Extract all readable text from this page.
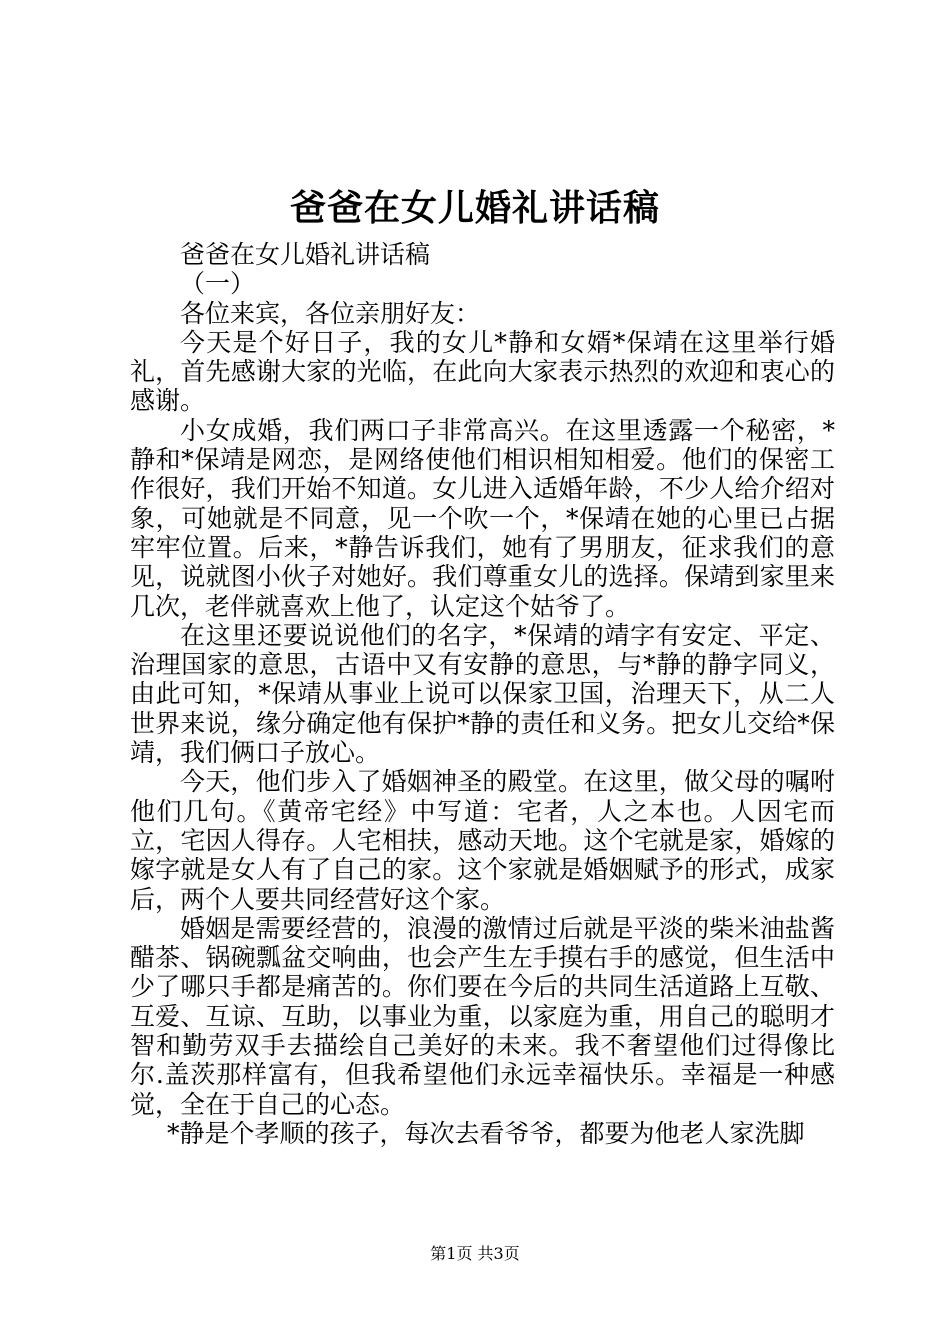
爸爸在女儿婚礼讲话稿

爸爸在女儿婚礼讲话稿

（一）

各位来宾，各位亲朋好友：

今天是个好日子，我的女儿*静和女婿*保靖在这里举行婚礼，首先感谢大家的光临，在此向大家表示热烈的欢迎和衷心的感谢。

小女成婚，我们两口子非常高兴。在这里透露一个秘密，*静和*保靖是网恋，是网络使他们相识相知相爱。他们的保密工作很好，我们开始不知道。女儿进入适婚年龄，不少人给介绍对象，可她就是不同意，见一个吹一个，*保靖在她的心里已占据牢牢位置。后来，*静告诉我们，她有了男朋友，征求我们的意见，说就图小伙子对她好。我们尊重女儿的选择。保靖到家里来几次，老伴就喜欢上他了，认定这个姑爷了。

在这里还要说说他们的名字，*保靖的靖字有安定、平定、治理国家的意思，古语中又有安静的意思，与*静的静字同义，由此可知，*保靖从事业上说可以保家卫国，治理天下，从二人世界来说，缘分确定他有保护*静的责任和义务。把女儿交给*保靖，我们俩口子放心。

今天，他们步入了婚姻神圣的殿堂。在这里，做父母的嘱咐他们几句。《黄帝宅经》中写道：宅者，人之本也。人因宅而立，宅因人得存。人宅相扶，感动天地。这个宅就是家，婚嫁的嫁字就是女人有了自己的家。这个家就是婚姻赋予的形式，成家后，两个人要共同经营好这个家。

婚姻是需要经营的，浪漫的激情过后就是平淡的柴米油盐酱醋茶、锅碗瓢盆交响曲，也会产生左手摸右手的感觉，但生活中少了哪只手都是痛苦的。你们要在今后的共同生活道路上互敬、互爱、互谅、互助，以事业为重，以家庭为重，用自己的聪明才智和勤劳双手去描绘自己美好的未来。我不奢望他们过得像比尔.盖茨那样富有，但我希望他们永远幸福快乐。幸福是一种感觉，全在于自己的心态。

*静是个孝顺的孩子，每次去看爷爷，都要为他老人家洗脚

第1页 共3页
